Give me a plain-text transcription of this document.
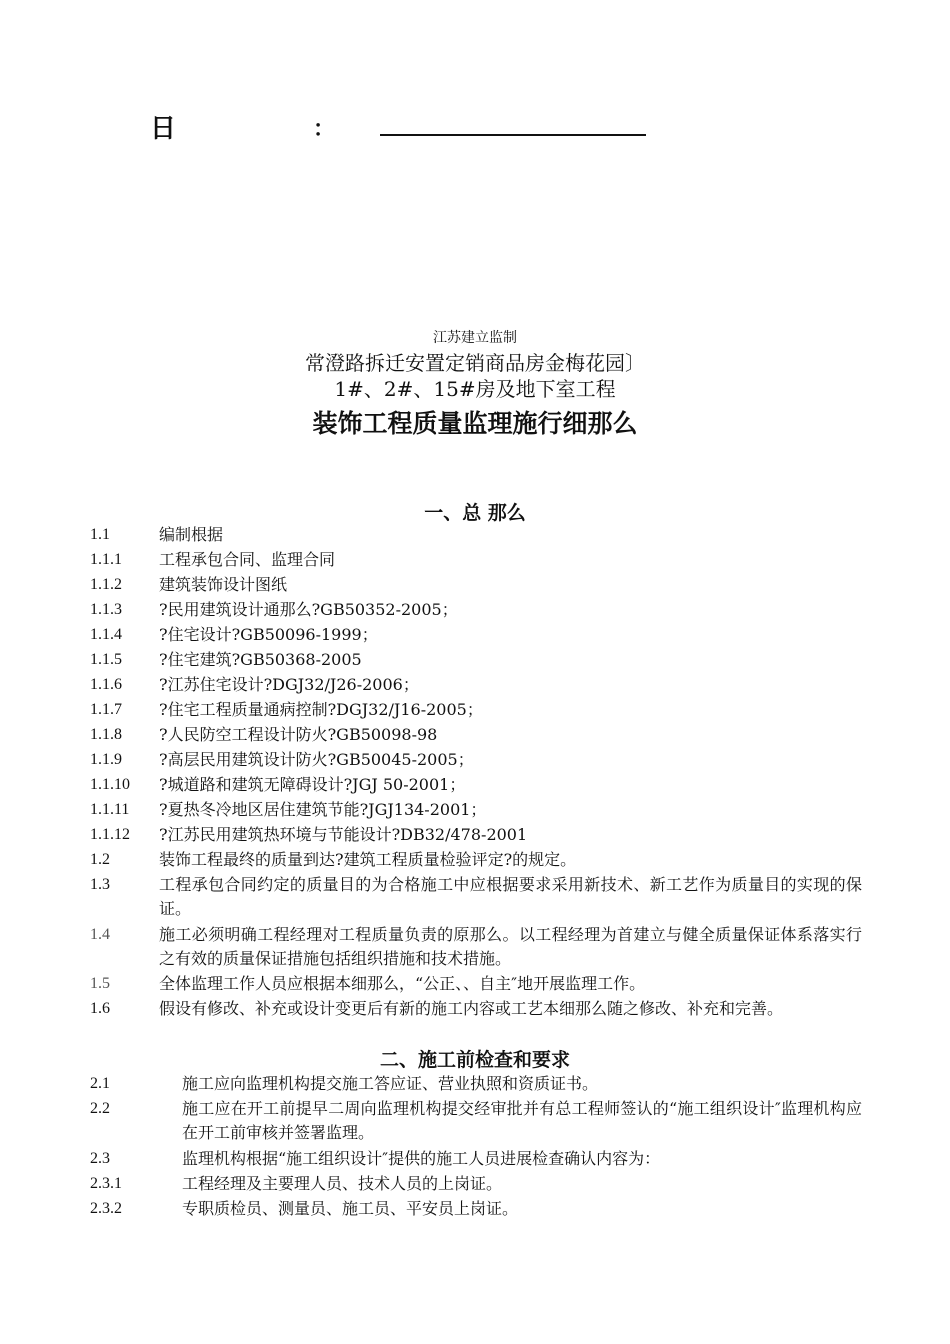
日	：
江苏建立监制
常澄路拆迁安置定销商品房金梅花园〕
1#、2#、15#房及地下室工程
装饰工程质量监理施行细那么
一、总 那么
1.1	编制根据
1.1.1 工程承包合同、监理合同
1.1.2 建筑装饰设计图纸
1.1.3 ?民用建筑设计通那么?GB50352-2005；
1.1.4 ?住宅设计?GB50096-1999；
1.1.5 ?住宅建筑?GB50368-2005
1.1.6 ?江苏住宅设计?DGJ32/J26-2006；
1.1.7 ?住宅工程质量通病控制?DGJ32/J16-2005；
1.1.8 ?人民防空工程设计防火?GB50098-98
1.1.9 ?高层民用建筑设计防火?GB50045-2005；
1.1.10 ?城道路和建筑无障碍设计?JGJ 50-2001；
1.1.11 ?夏热冬冷地区居住建筑节能?JGJ134-2001；
1.1.12 ?江苏民用建筑热环境与节能设计?DB32/478-2001
1.2	装饰工程最终的质量到达?建筑工程质量检验评定?的规定。
1.3	工程承包合同约定的质量目的为合格施工中应根据要求采用新技术、新工艺作为质量目的实现的保证。
1.4	施工必须明确工程经理对工程质量负责的原那么。以工程经理为首建立与健全质量保证体系落实行之有效的质量保证措施包括组织措施和技术措施。
1.5	全体监理工作人员应根据本细那么，“公正、、自主″地开展监理工作。
1.6	假设有修改、补充或设计变更后有新的施工内容或工艺本细那么随之修改、补充和完善。
二、施工前检查和要求
2.1	施工应向监理机构提交施工答应证、营业执照和资质证书。
2.2	施工应在开工前提早二周向监理机构提交经审批并有总工程师签认的“施工组织设计″监理机构应在开工前审核并签署监理。
2.3	监理机构根据“施工组织设计″提供的施工人员进展检查确认内容为：
2.3.1	工程经理及主要理人员、技术人员的上岗证。
2.3.2	专职质检员、测量员、施工员、平安员上岗证。
